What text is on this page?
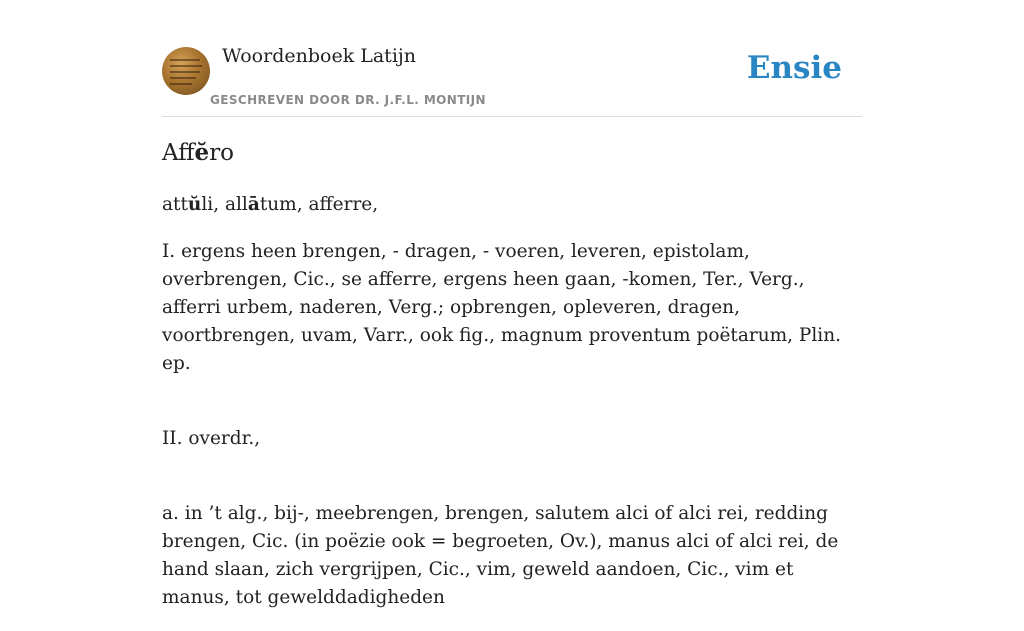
Woordenboek Latijn
GESCHREVEN DOOR DR. J.F.L. MONTIJN
Ensie
Affĕro

attŭli, allātum, afferre,

I. ergens heen brengen, - dragen, - voeren, leveren, epistolam, overbrengen, Cic., se afferre, ergens heen gaan, -komen, Ter., Verg., afferri urbem, naderen, Verg.; opbrengen, opleveren, dragen, voortbrengen, uvam, Varr., ook fig., magnum proventum poëtarum, Plin. ep.

II. overdr.,

a. in ’t alg., bij-, meebrengen, brengen, salutem alci of alci rei, redding brengen, Cic. (in poëzie ook = begroeten, Ov.), manus alci of alci rei, de hand slaan, zich vergrijpen, Cic., vim, geweld aandoen, Cic., vim et manus, tot gewelddadigheden
